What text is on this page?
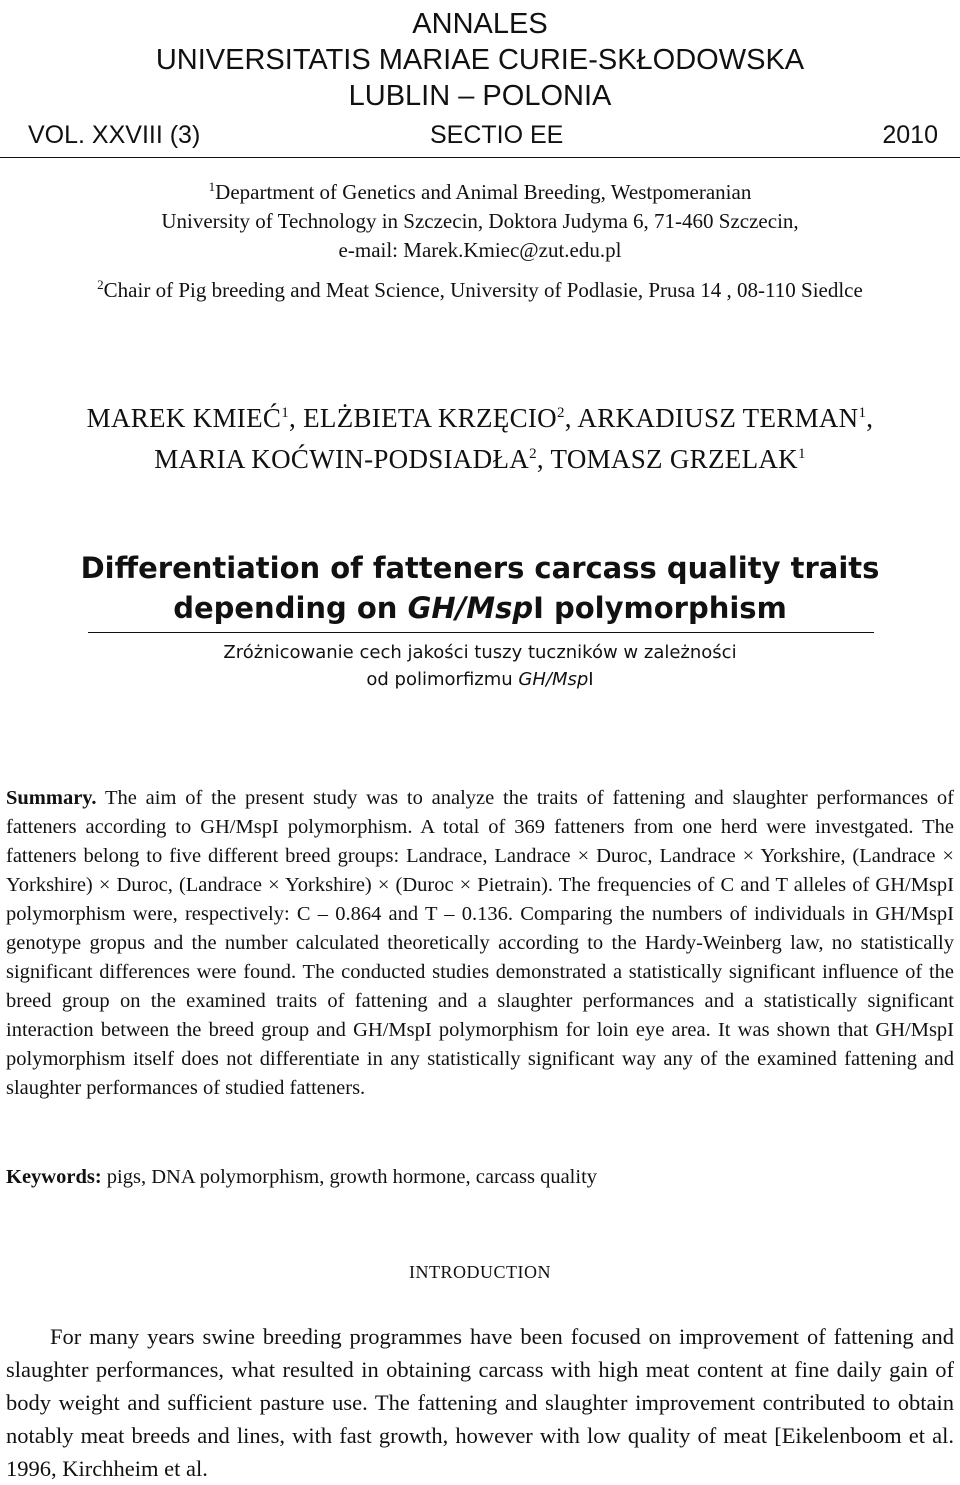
ANNALES
UNIVERSITATIS MARIAE CURIE-SKŁODOWSKA
LUBLIN – POLONIA
VOL. XXVIII (3)	SECTIO EE	2010
$^1$Department of Genetics and Animal Breeding, Westpomeranian
University of Technology in Szczecin, Doktora Judyma 6, 71-460 Szczecin,
e-mail: Marek.Kmiec@zut.edu.pl
$^2$Chair of Pig breeding and Meat Science, University of Podlasie, Prusa 14 , 08-110 Siedlce
MAREK KMIEĆ$^1$, ELŻBIETA KRZĘCIO$^2$, ARKADIUSZ TERMAN$^1$,
MARIA KOĆWIN-PODSIADŁA$^2$, TOMASZ GRZELAK$^1$
Differentiation of fatteners carcass quality traits
depending on GH/MspI polymorphism
Zróżnicowanie cech jakości tuszy tuczników w zależności
od polimorfizmu GH/MspI
Summary. The aim of the present study was to analyze the traits of fattening and slaughter performances of fatteners according to GH/MspI polymorphism. A total of 369 fatteners from one herd were investgated. The fatteners belong to five different breed groups: Landrace, Landrace × Duroc, Landrace × Yorkshire, (Landrace × Yorkshire) × Duroc, (Landrace × Yorkshire) × (Duroc × Pietrain). The frequencies of C and T alleles of GH/MspI polymorphism were, respectively: C – 0.864 and T – 0.136. Comparing the numbers of individuals in GH/MspI genotype gropus and the number calculated theoretically according to the Hardy-Weinberg law, no statistically significant differences were found. The conducted studies demonstrated a statistically significant influence of the breed group on the examined traits of fattening and a slaughter performances and a statistically significant interaction between the breed group and GH/MspI polymorphism for loin eye area. It was shown that GH/MspI polymorphism itself does not differentiate in any statistically significant way any of the examined fattening and slaughter performances of studied fatteners.
Keywords: pigs, DNA polymorphism, growth hormone, carcass quality
INTRODUCTION
For many years swine breeding programmes have been focused on improvement of fattening and slaughter performances, what resulted in obtaining carcass with high meat content at fine daily gain of body weight and sufficient pasture use. The fattening and slaughter improvement contributed to obtain notably meat breeds and lines, with fast growth, however with low quality of meat [Eikelenboom et al. 1996, Kirchheim et al.
